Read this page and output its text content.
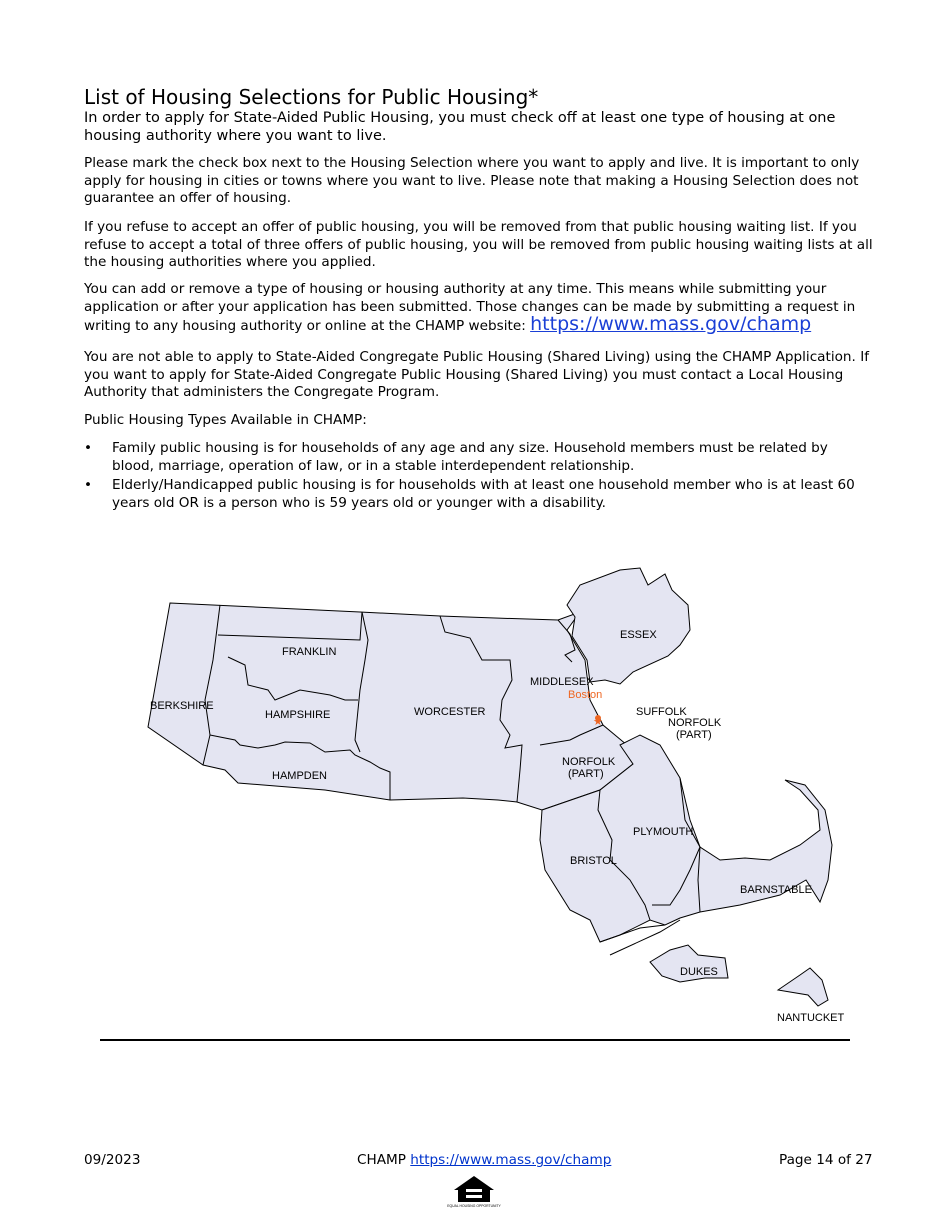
List of Housing Selections for Public Housing*
In order to apply for State-Aided Public Housing, you must check off at least one type of housing at one housing authority where you want to live.
Please mark the check box next to the Housing Selection where you want to apply and live. It is important to only apply for housing in cities or towns where you want to live. Please note that making a Housing Selection does not guarantee an offer of housing.
If you refuse to accept an offer of public housing, you will be removed from that public housing waiting list. If you refuse to accept a total of three offers of public housing, you will be removed from public housing waiting lists at all the housing authorities where you applied.
You can add or remove a type of housing or housing authority at any time. This means while submitting your application or after your application has been submitted. Those changes can be made by submitting a request in writing to any housing authority or online at the CHAMP website: https://www.mass.gov/champ
You are not able to apply to State-Aided Congregate Public Housing (Shared Living) using the CHAMP Application. If you want to apply for State-Aided Congregate Public Housing (Shared Living) you must contact a Local Housing Authority that administers the Congregate Program.
Public Housing Types Available in CHAMP:
• Family public housing is for households of any age and any size. Household members must be related by blood, marriage, operation of law, or in a stable interdependent relationship.
• Elderly/Handicapped public housing is for households with at least one household member who is at least 60 years old OR is a person who is 59 years old or younger with a disability.
BERKSHIRE
FRANKLIN
HAMPSHIRE
HAMPDEN
WORCESTER
MIDDLESEX
ESSEX
SUFFOLK
NORFOLK
(PART)
NORFOLK
(PART)
PLYMOUTH
BRISTOL
BARNSTABLE
DUKES
NANTUCKET
Boston
★
09/2023	CHAMP https://www.mass.gov/champ	Page 14 of 27
EQUAL HOUSING OPPORTUNITY
